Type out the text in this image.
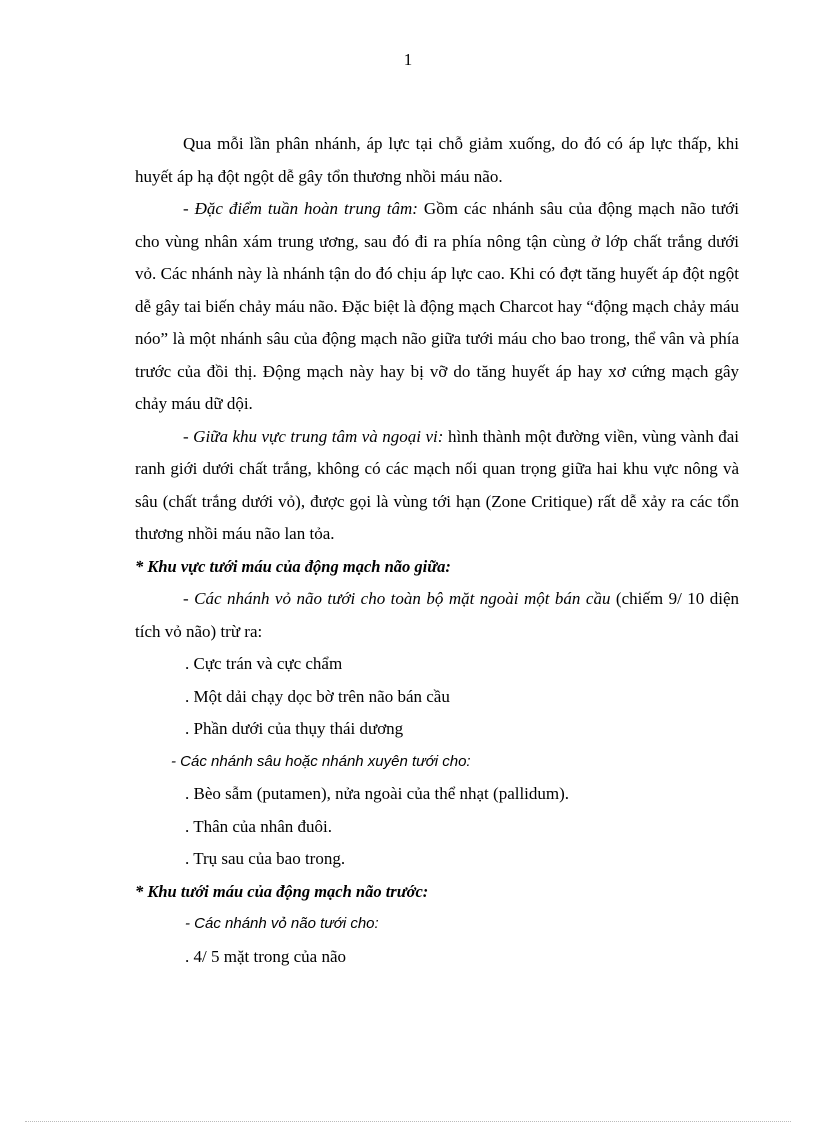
1

Qua mỗi lần phân nhánh, áp lực tại chỗ giảm xuống, do đó có áp lực thấp, khi huyết áp hạ đột ngột dễ gây tổn thương nhồi máu não.

- Đặc điểm tuần hoàn trung tâm: Gồm các nhánh sâu của động mạch não tưới cho vùng nhân xám trung ương, sau đó đi ra phía nông tận cùng ở lớp chất trắng dưới vỏ. Các nhánh này là nhánh tận do đó chịu áp lực cao. Khi có đợt tăng huyết áp đột ngột dễ gây tai biến chảy máu não. Đặc biệt là động mạch Charcot hay “động mạch chảy máu nóo” là một nhánh sâu của động mạch não giữa tưới máu cho bao trong, thể vân và phía trước của đồi thị. Động mạch này hay bị vỡ do tăng huyết áp hay xơ cứng mạch gây chảy máu dữ dội.

- Giữa khu vực trung tâm và ngoại vi: hình thành một đường viền, vùng vành đai ranh giới dưới chất trắng, không có các mạch nối quan trọng giữa hai khu vực nông và sâu (chất trắng dưới vỏ), được gọi là vùng tới hạn (Zone Critique) rất dễ xảy ra các tổn thương nhồi máu não lan tỏa.

* Khu vực tưới máu của động mạch não giữa:

- Các nhánh vỏ não tưới cho toàn bộ mặt ngoài một bán cầu (chiếm 9/ 10 diện tích vỏ não) trừ ra:

. Cực trán và cực chẩm

. Một dải chạy dọc bờ trên não bán cầu

. Phần dưới của thụy thái dương

- Các nhánh sâu hoặc nhánh xuyên tưới cho:

. Bèo sẫm (putamen), nửa ngoài của thể nhạt (pallidum).

. Thân của nhân đuôi.

. Trụ sau của bao trong.

* Khu tưới máu của động mạch não trước:

- Các nhánh vỏ não tưới cho:

. 4/ 5 mặt trong của não
